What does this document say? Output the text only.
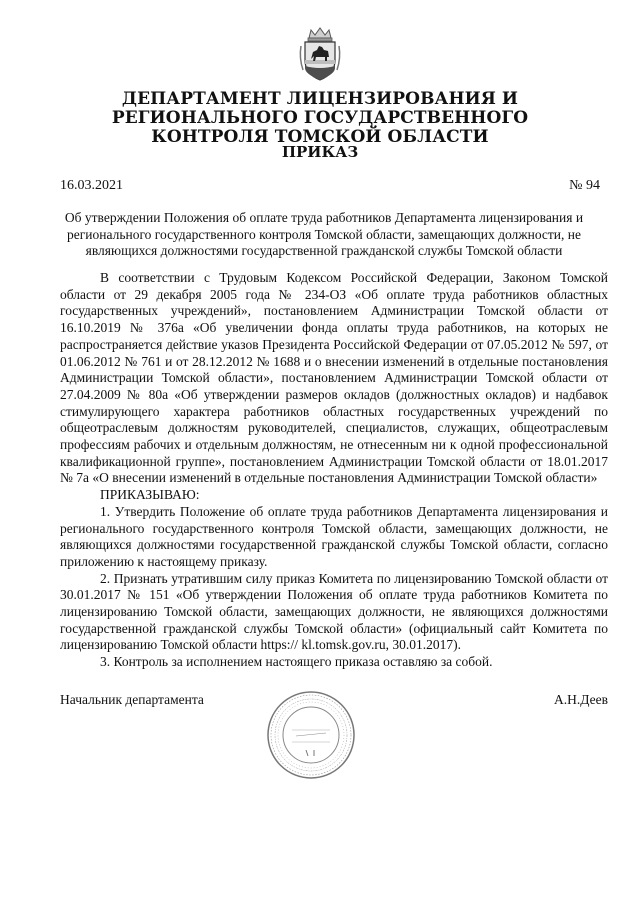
ДЕПАРТАМЕНТ ЛИЦЕНЗИРОВАНИЯ И РЕГИОНАЛЬНОГО ГОСУДАРСТВЕННОГО КОНТРОЛЯ ТОМСКОЙ ОБЛАСТИ
ПРИКАЗ
16.03.2021	№ 94
Об утверждении Положения об оплате труда работников Департамента лицензирования и регионального государственного контроля Томской области, замещающих должности, не являющихся должностями государственной гражданской службы Томской области

В соответствии с Трудовым Кодексом Российской Федерации, Законом Томской области от 29 декабря 2005 года № 234-ОЗ «Об оплате труда работников областных государственных учреждений», постановлением Администрации Томской области от 16.10.2019 № 376а «Об увеличении фонда оплаты труда работников, на которых не распространяется действие указов Президента Российской Федерации от 07.05.2012 № 597, от 01.06.2012 № 761 и от 28.12.2012 № 1688 и о внесении изменений в отдельные постановления Администрации Томской области», постановлением Администрации Томской области от 27.04.2009 № 80а «Об утверждении размеров окладов (должностных окладов) и надбавок стимулирующего характера работников областных государственных учреждений по общеотраслевым должностям руководителей, специалистов, служащих, общеотраслевым профессиям рабочих и отдельным должностям, не отнесенным ни к одной профессиональной квалификационной группе», постановлением Администрации Томской области от 18.01.2017 № 7а «О внесении изменений в отдельные постановления Администрации Томской области»

ПРИКАЗЫВАЮ:

1. Утвердить Положение об оплате труда работников Департамента лицензирования и регионального государственного контроля Томской области, замещающих должности, не являющихся должностями государственной гражданской службы Томской области, согласно приложению к настоящему приказу.

2. Признать утратившим силу приказ Комитета по лицензированию Томской области от 30.01.2017 № 151 «Об утверждении Положения об оплате труда работников Комитета по лицензированию Томской области, замещающих должности, не являющихся должностями государственной гражданской службы Томской области» (официальный сайт Комитета по лицензированию Томской области https:// kl.tomsk.gov.ru, 30.01.2017).

3. Контроль за исполнением настоящего приказа оставляю за собой.

Начальник департамента	А.Н.Деев
